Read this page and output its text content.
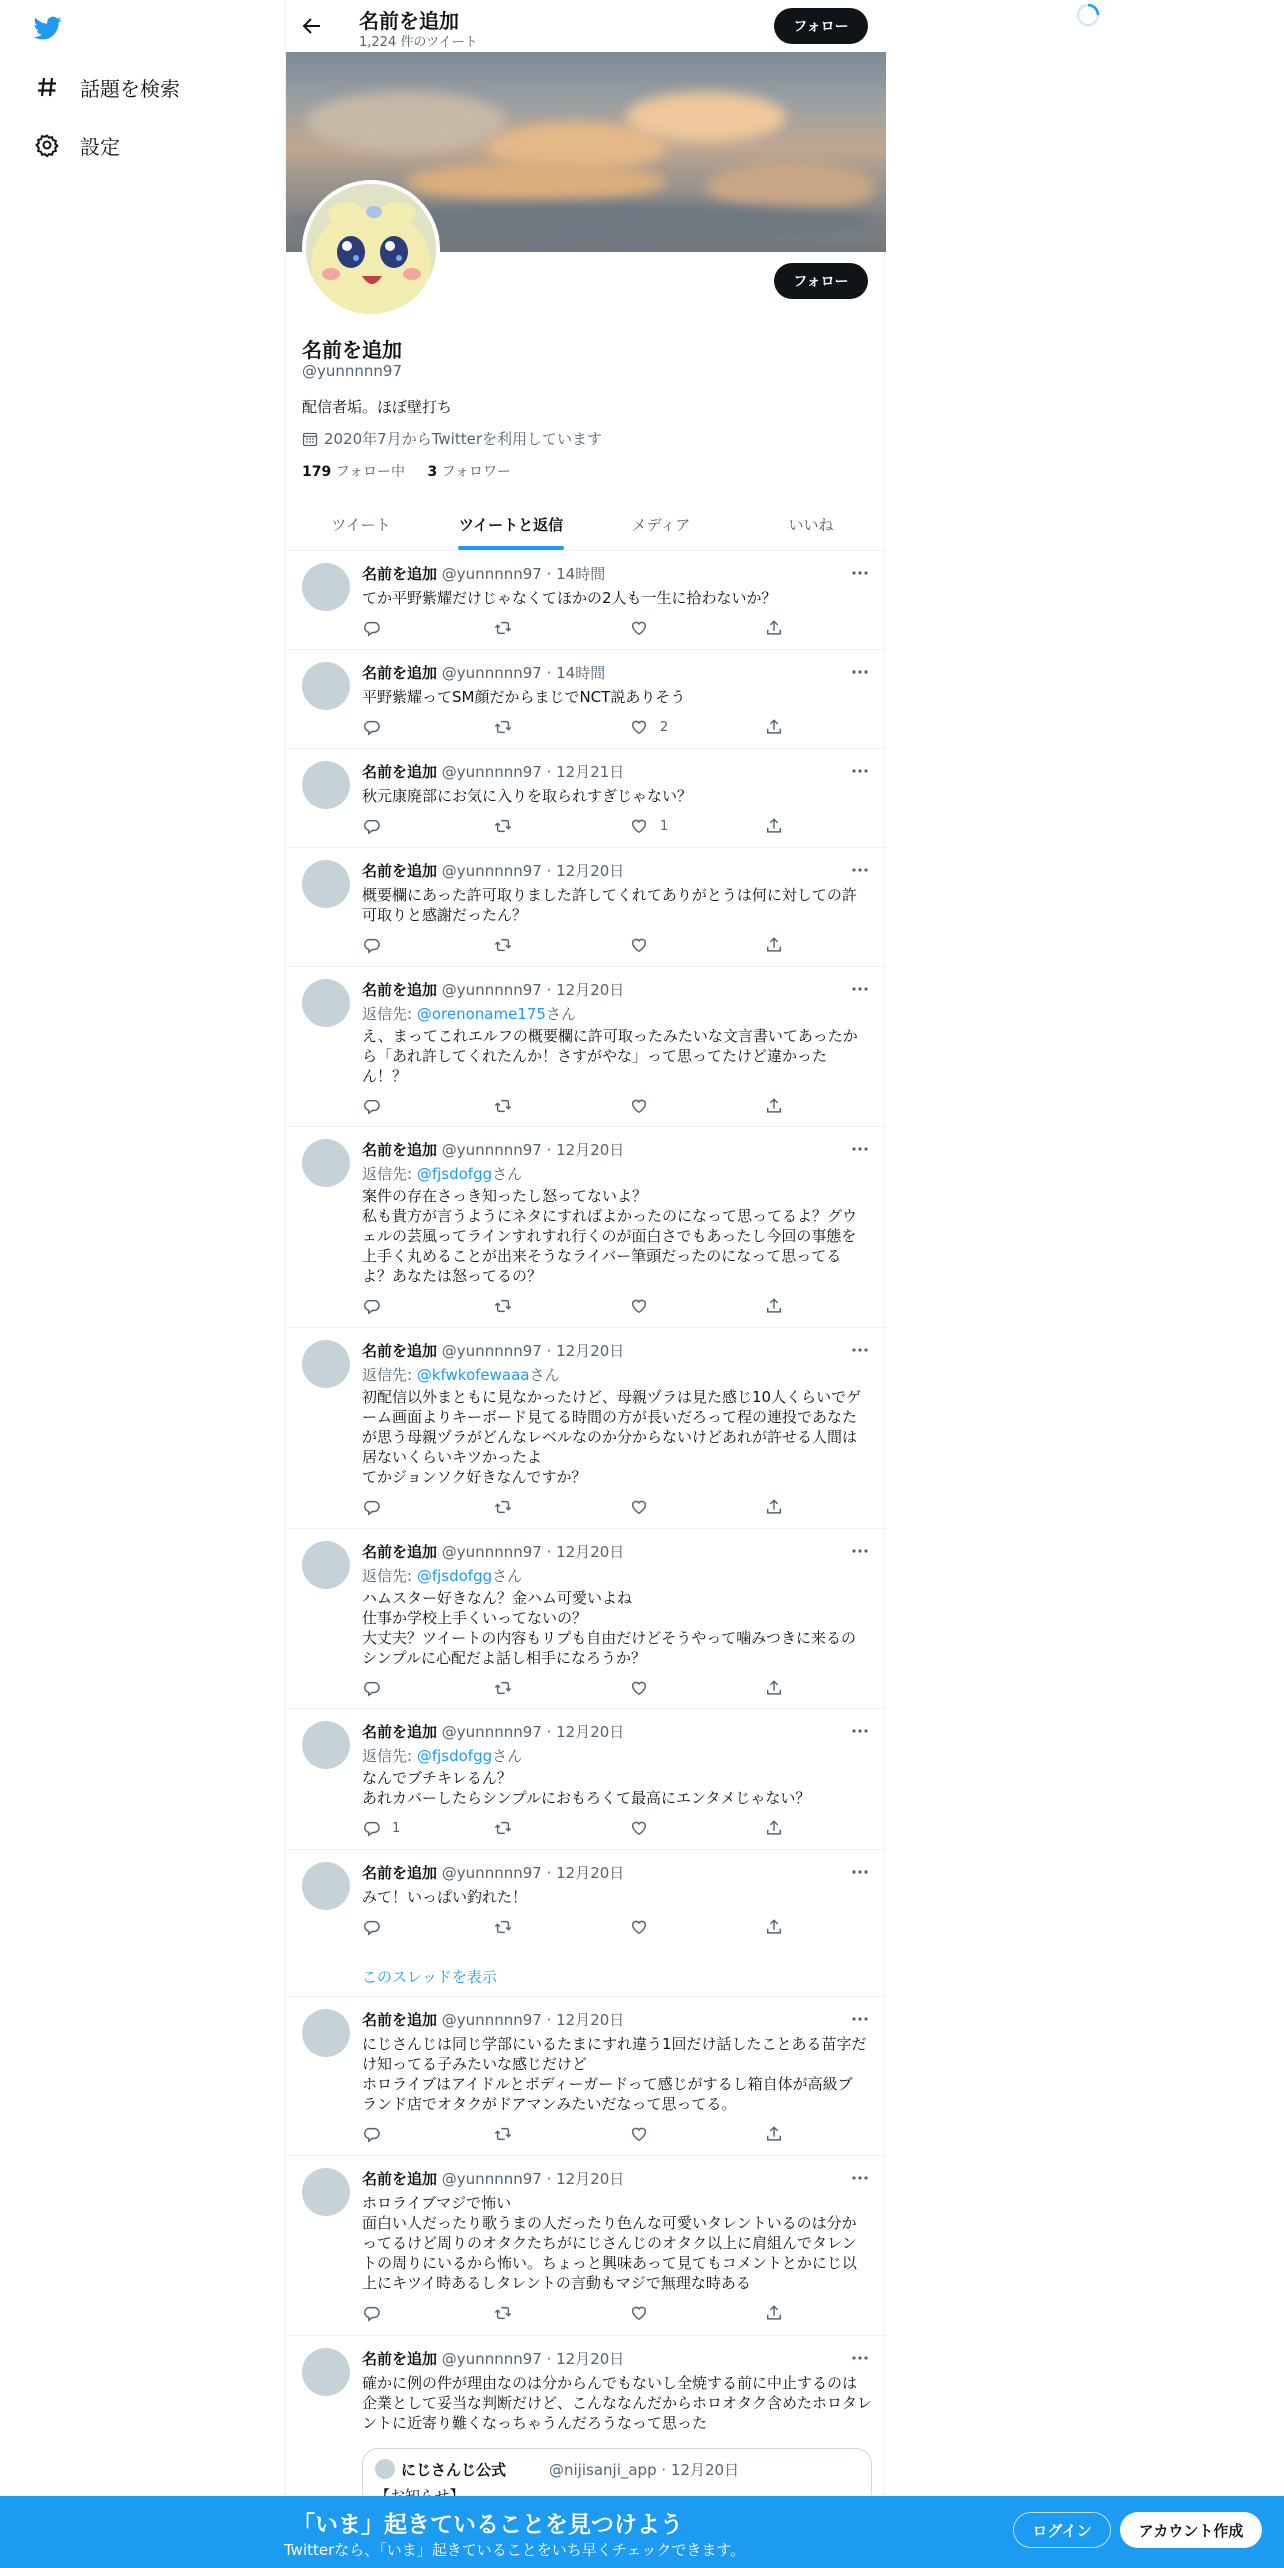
話題を検索
設定
名前を追加
1,224 件のツイート
フォロー
フォロー
名前を追加
@yunnnnn97
配信者垢。ほぼ壁打ち
2020年7月からTwitterを利用しています
179 フォロー中 3 フォロワー
ツイート	ツイートと返信	メディア	いいね
名前を追加 @yunnnnn97 · 14時間
てか平野紫耀だけじゃなくてほかの2人も一生に拾わないか？
名前を追加 @yunnnnn97 · 14時間
平野紫耀ってSM顔だからまじでNCT説ありそう
2
名前を追加 @yunnnnn97 · 12月21日
秋元康廃部にお気に入りを取られすぎじゃない？
1
名前を追加 @yunnnnn97 · 12月20日
概要欄にあった許可取りました許してくれてありがとうは何に対しての許
可取りと感謝だったん？
名前を追加 @yunnnnn97 · 12月20日
返信先: @orenoname175さん
え、まってこれエルフの概要欄に許可取ったみたいな文言書いてあったか
ら「あれ許してくれたんか！さすがやな」って思ってたけど違かった
ん！？
名前を追加 @yunnnnn97 · 12月20日
返信先: @fjsdofggさん
案件の存在さっき知ったし怒ってないよ？
私も貴方が言うようにネタにすればよかったのになって思ってるよ？グウ
ェルの芸風ってラインすれすれ行くのが面白さでもあったし今回の事態を
上手く丸めることが出来そうなライバー筆頭だったのになって思ってる
よ？あなたは怒ってるの？
名前を追加 @yunnnnn97 · 12月20日
返信先: @kfwkofewaaaさん
初配信以外まともに見なかったけど、母親ヅラは見た感じ10人くらいでゲ
ーム画面よりキーボード見てる時間の方が長いだろって程の連投であなた
が思う母親ヅラがどんなレベルなのか分からないけどあれが許せる人間は
居ないくらいキツかったよ
てかジョンソク好きなんですか？
名前を追加 @yunnnnn97 · 12月20日
返信先: @fjsdofggさん
ハムスター好きなん？金ハム可愛いよね
仕事か学校上手くいってないの？
大丈夫？ツイートの内容もリプも自由だけどそうやって噛みつきに来るの
シンプルに心配だよ話し相手になろうか？
名前を追加 @yunnnnn97 · 12月20日
返信先: @fjsdofggさん
なんでブチキレるん？
あれカバーしたらシンプルにおもろくて最高にエンタメじゃない？
1
名前を追加 @yunnnnn97 · 12月20日
みて！いっぱい釣れた！
このスレッドを表示
名前を追加 @yunnnnn97 · 12月20日
にじさんじは同じ学部にいるたまにすれ違う1回だけ話したことある苗字だ
け知ってる子みたいな感じだけど
ホロライブはアイドルとボディーガードって感じがするし箱自体が高級ブ
ランド店でオタクがドアマンみたいだなって思ってる。
名前を追加 @yunnnnn97 · 12月20日
ホロライブマジで怖い
面白い人だったり歌うまの人だったり色んな可愛いタレントいるのは分か
ってるけど周りのオタクたちがにじさんじのオタク以上に肩組んでタレン
トの周りにいるから怖い。ちょっと興味あって見てもコメントとかにじ以
上にキツイ時あるしタレントの言動もマジで無理な時ある
名前を追加 @yunnnnn97 · 12月20日
確かに例の件が理由なのは分からんでもないし全焼する前に中止するのは
企業として妥当な判断だけど、こんななんだからホロオタク含めたホロタレ
ントに近寄り難くなっちゃうんだろうなって思った
にじさんじ公式	@nijisanji_app · 12月20日
「いま」起きていることを見つけよう
Twitterなら、「いま」起きていることをいち早くチェックできます。
ログイン	アカウント作成
